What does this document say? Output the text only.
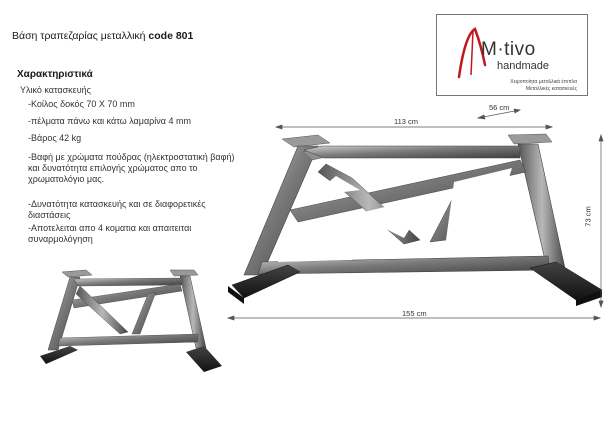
Βάση τραπεζαρίας μεταλλική code 801
Χαρακτηριστικά
Υλικό κατασκευής
-Κοίλος δοκός 70 X 70 mm
-πέλματα πάνω και κάτω λαμαρίνα 4 mm
-Βάρος 42 kg
-Βαφή με χρώματα πούδρας (ηλεκτροστατική βαφή) και δυνατότητα επιλογής χρώματος απο το χρωματολόγιο μας.
-Δυνατότητα κατασκευής και σε διαφορετικές διαστάσεις
-Αποτελειται απο 4 κοματια και απαιτειται συναρμολόγηση
M·tivo
handmade
Χειροποίητα μεταλλικά έπιπλα
Μεταλλικές κατασκευές
113 cm
56 cm
73 cm
155 cm
